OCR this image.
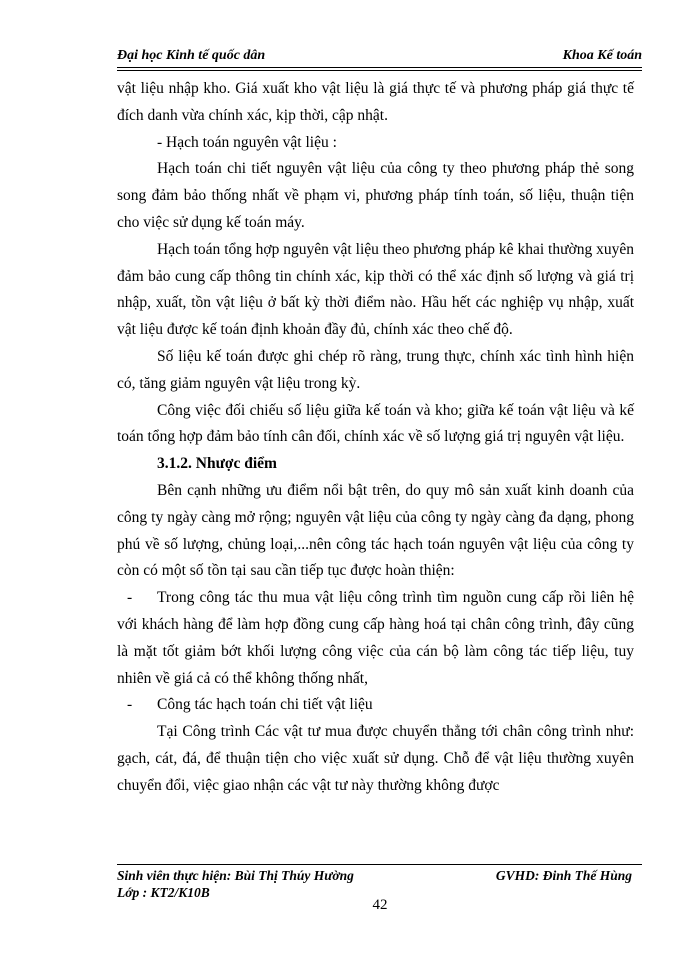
Đại học Kinh tế quốc dân	Khoa Kế toán

vật liệu nhập kho. Giá xuất kho vật liệu là giá thực tế và phương pháp giá thực tế đích danh vừa chính xác, kịp thời, cập nhật.

- Hạch toán nguyên vật liệu :

Hạch toán chi tiết nguyên vật liệu của công ty theo phương pháp thẻ song song đảm bảo thống nhất về phạm vi, phương pháp tính toán, số liệu, thuận tiện cho việc sử dụng kế toán máy.

Hạch toán tổng hợp nguyên vật liệu theo phương pháp kê khai thường xuyên đảm bảo cung cấp thông tin chính xác, kịp thời có thể xác định số lượng và giá trị nhập, xuất, tồn vật liệu ở bất kỳ thời điểm nào. Hầu hết các nghiệp vụ nhập, xuất vật liệu được kế toán định khoản đầy đủ, chính xác theo chế độ.

Số liệu kế toán được ghi chép rõ ràng, trung thực, chính xác tình hình hiện có, tăng giảm nguyên vật liệu trong kỳ.

Công việc đối chiếu số liệu giữa kế toán và kho; giữa kế toán vật liệu và kế toán tổng hợp đảm bảo tính cân đối, chính xác về số lượng giá trị nguyên vật liệu.

3.1.2. Nhược điểm

Bên cạnh những ưu điểm nổi bật trên, do quy mô sản xuất kinh doanh của công ty ngày càng mở rộng; nguyên vật liệu của công ty ngày càng đa dạng, phong phú về số lượng, chủng loại,...nên công tác hạch toán nguyên vật liệu của công ty còn có một số tồn tại sau cần tiếp tục được hoàn thiện:

- Trong công tác thu mua vật liệu công trình tìm nguồn cung cấp rồi liên hệ với khách hàng để làm hợp đồng cung cấp hàng hoá tại chân công trình, đây cũng là mặt tốt giảm bớt khối lượng công việc của cán bộ làm công tác tiếp liệu, tuy nhiên về giá cả có thể không thống nhất,

- Công tác hạch toán chi tiết vật liệu

Tại Công trình Các vật tư mua được chuyển thẳng tới chân công trình như: gạch, cát, đá, để thuận tiện cho việc xuất sử dụng. Chỗ để vật liệu thường xuyên chuyển đổi, việc giao nhận các vật tư này thường không được

Sinh viên thực hiện: Bùi Thị Thúy Hường	GVHD: Đinh Thế Hùng
Lớp : KT2/K10B
42
